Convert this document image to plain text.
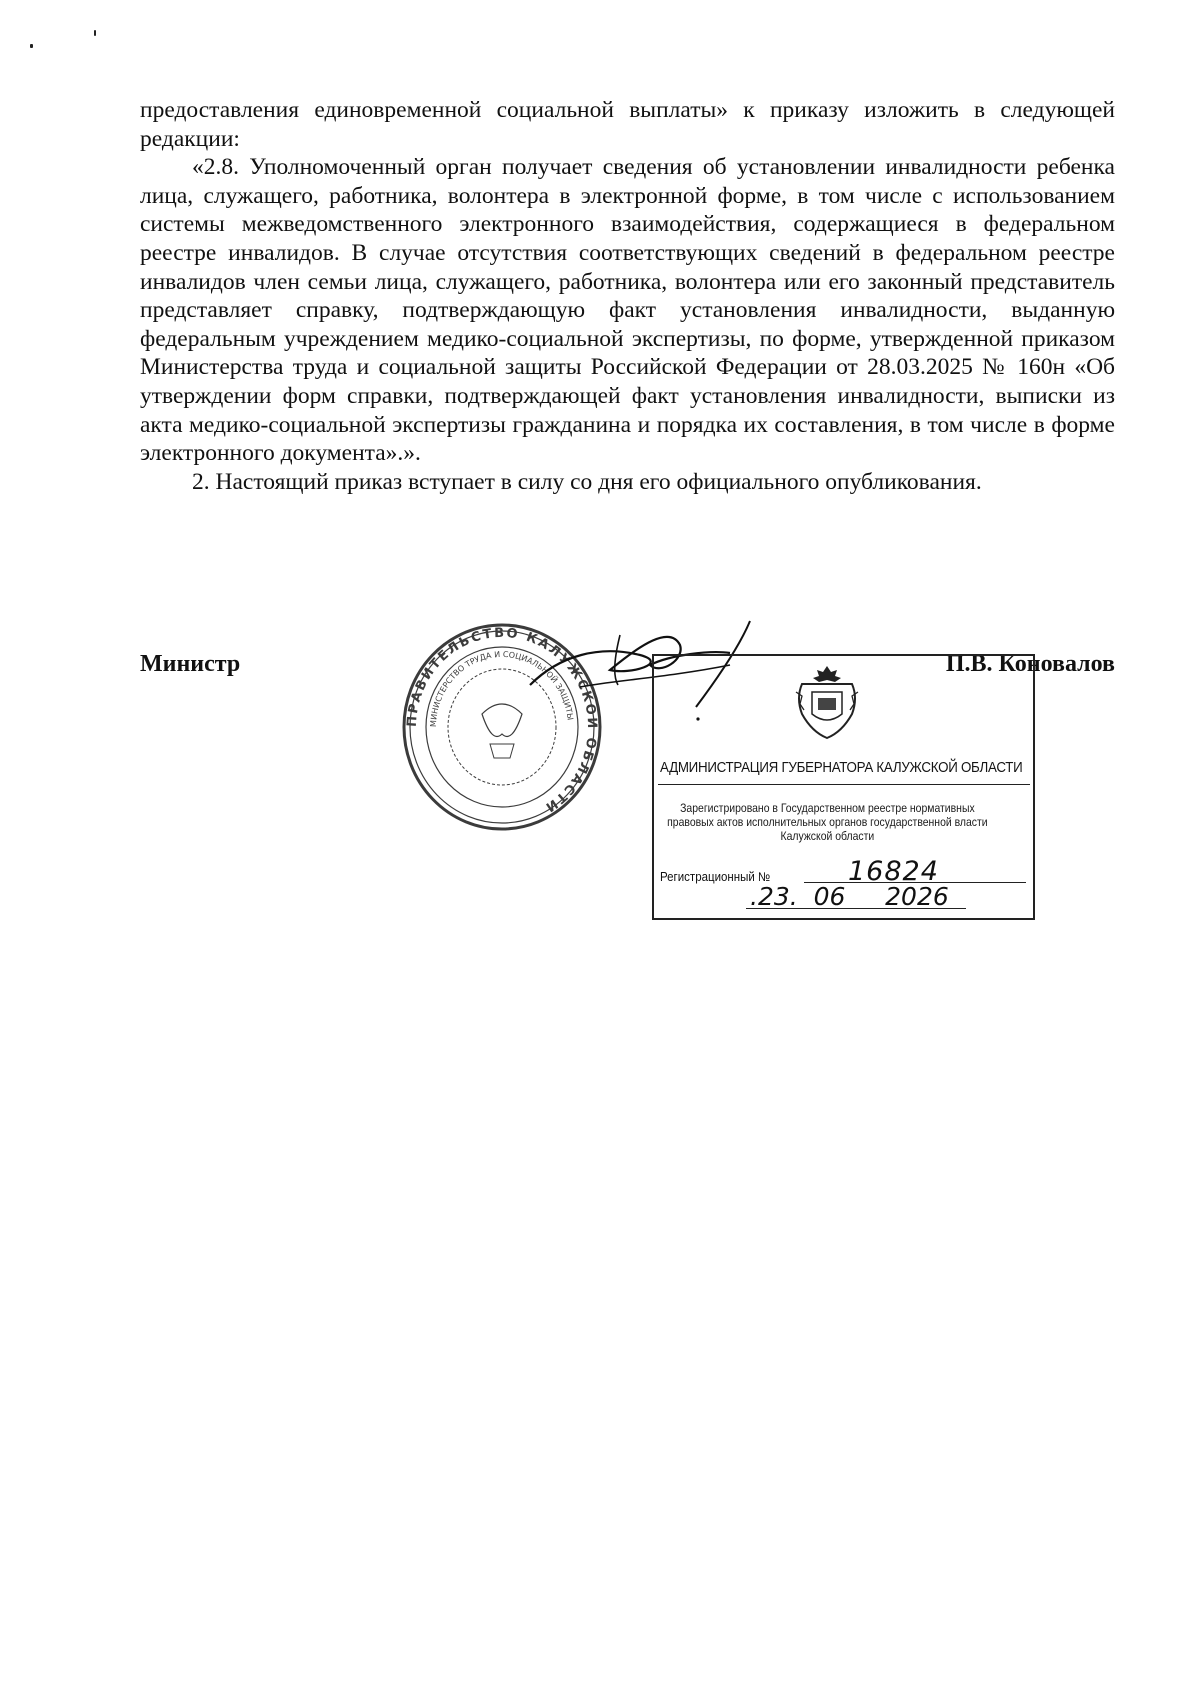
предоставления единовременной социальной выплаты» к приказу изложить в следующей редакции:

«2.8. Уполномоченный орган получает сведения об установлении инвалидности ребенка лица, служащего, работника, волонтера в электронной форме, в том числе с использованием системы межведомственного электронного взаимодействия, содержащиеся в федеральном реестре инвалидов. В случае отсутствия соответствующих сведений в федеральном реестре инвалидов член семьи лица, служащего, работника, волонтера или его законный представитель представляет справку, подтверждающую факт установления инвалидности, выданную федеральным учреждением медико-социальной экспертизы, по форме, утвержденной приказом Министерства труда и социальной защиты Российской Федерации от 28.03.2025 № 160н «Об утверждении форм справки, подтверждающей факт установления инвалидности, выписки из акта медико-социальной экспертизы гражданина и порядка их составления, в том числе в форме электронного документа».».

2. Настоящий приказ вступает в силу со дня его официального опубликования.

ПРАВИТЕЛЬСТВО КАЛУЖСКОЙ ОБЛАСТИ
МИНИСТЕРСТВО ТРУДА И СОЦИАЛЬНОЙ ЗАЩИТЫ
Министр	П.В. Коновалов
АДМИНИСТРАЦИЯ ГУБЕРНАТОРА КАЛУЖСКОЙ ОБЛАСТИ
Зарегистрировано в Государственном реестре нормативных правовых актов исполнительных органов государственной власти Калужской области
Регистрационный №	16824
.23.  06     2026
